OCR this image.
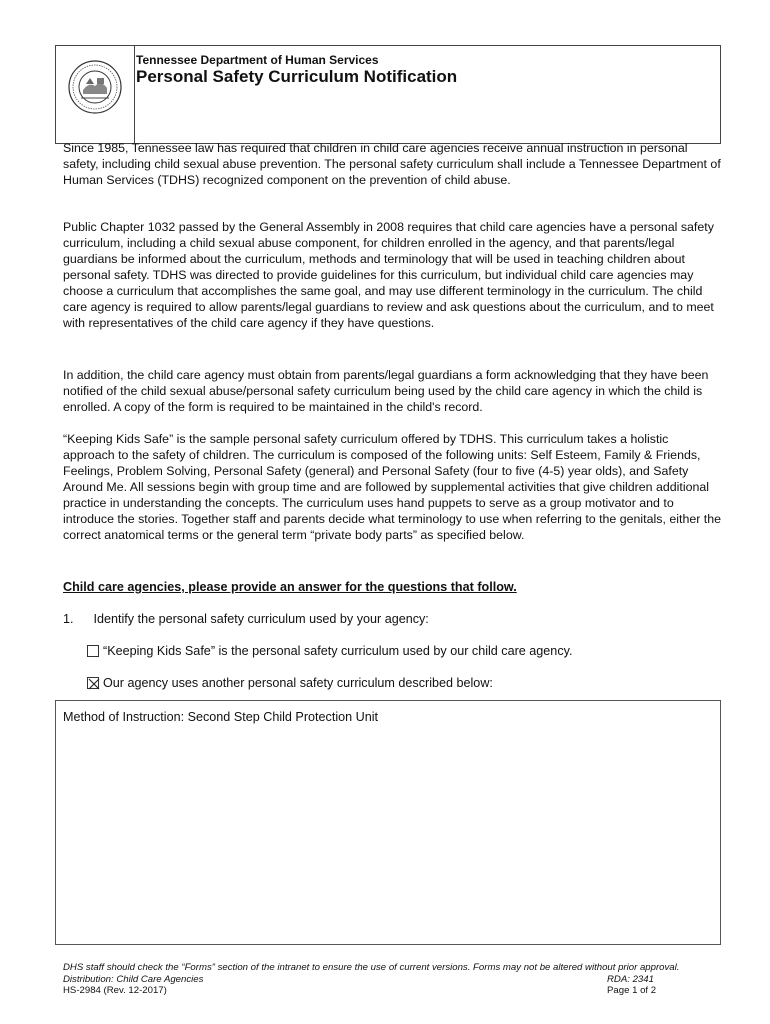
Tennessee Department of Human Services
Personal Safety Curriculum Notification
Since 1985, Tennessee law has required that children in child care agencies receive annual instruction in personal safety, including child sexual abuse prevention. The personal safety curriculum shall include a Tennessee Department of Human Services (TDHS) recognized component on the prevention of child abuse.
Public Chapter 1032 passed by the General Assembly in 2008 requires that child care agencies have a personal safety curriculum, including a child sexual abuse component, for children enrolled in the agency, and that parents/legal guardians be informed about the curriculum, methods and terminology that will be used in teaching children about personal safety. TDHS was directed to provide guidelines for this curriculum, but individual child care agencies may choose a curriculum that accomplishes the same goal, and may use different terminology in the curriculum. The child care agency is required to allow parents/legal guardians to review and ask questions about the curriculum, and to meet with representatives of the child care agency if they have questions.
In addition, the child care agency must obtain from parents/legal guardians a form acknowledging that they have been notified of the child sexual abuse/personal safety curriculum being used by the child care agency in which the child is enrolled. A copy of the form is required to be maintained in the child's record.
“Keeping Kids Safe” is the sample personal safety curriculum offered by TDHS. This curriculum takes a holistic approach to the safety of children. The curriculum is composed of the following units: Self Esteem, Family & Friends, Feelings, Problem Solving, Personal Safety (general) and Personal Safety (four to five (4-5) year olds), and Safety Around Me. All sessions begin with group time and are followed by supplemental activities that give children additional practice in understanding the concepts. The curriculum uses hand puppets to serve as a group motivator and to introduce the stories. Together staff and parents decide what terminology to use when referring to the genitals, either the correct anatomical terms or the general term “private body parts” as specified below.
Child care agencies, please provide an answer for the questions that follow.
1. Identify the personal safety curriculum used by your agency:
“Keeping Kids Safe” is the personal safety curriculum used by our child care agency.
Our agency uses another personal safety curriculum described below:
Method of Instruction: Second Step Child Protection Unit
DHS staff should check the “Forms” section of the intranet to ensure the use of current versions. Forms may not be altered without prior approval.
Distribution: Child Care Agencies	RDA: 2341
HS-2984 (Rev. 12-2017)	Page 1 of 2
